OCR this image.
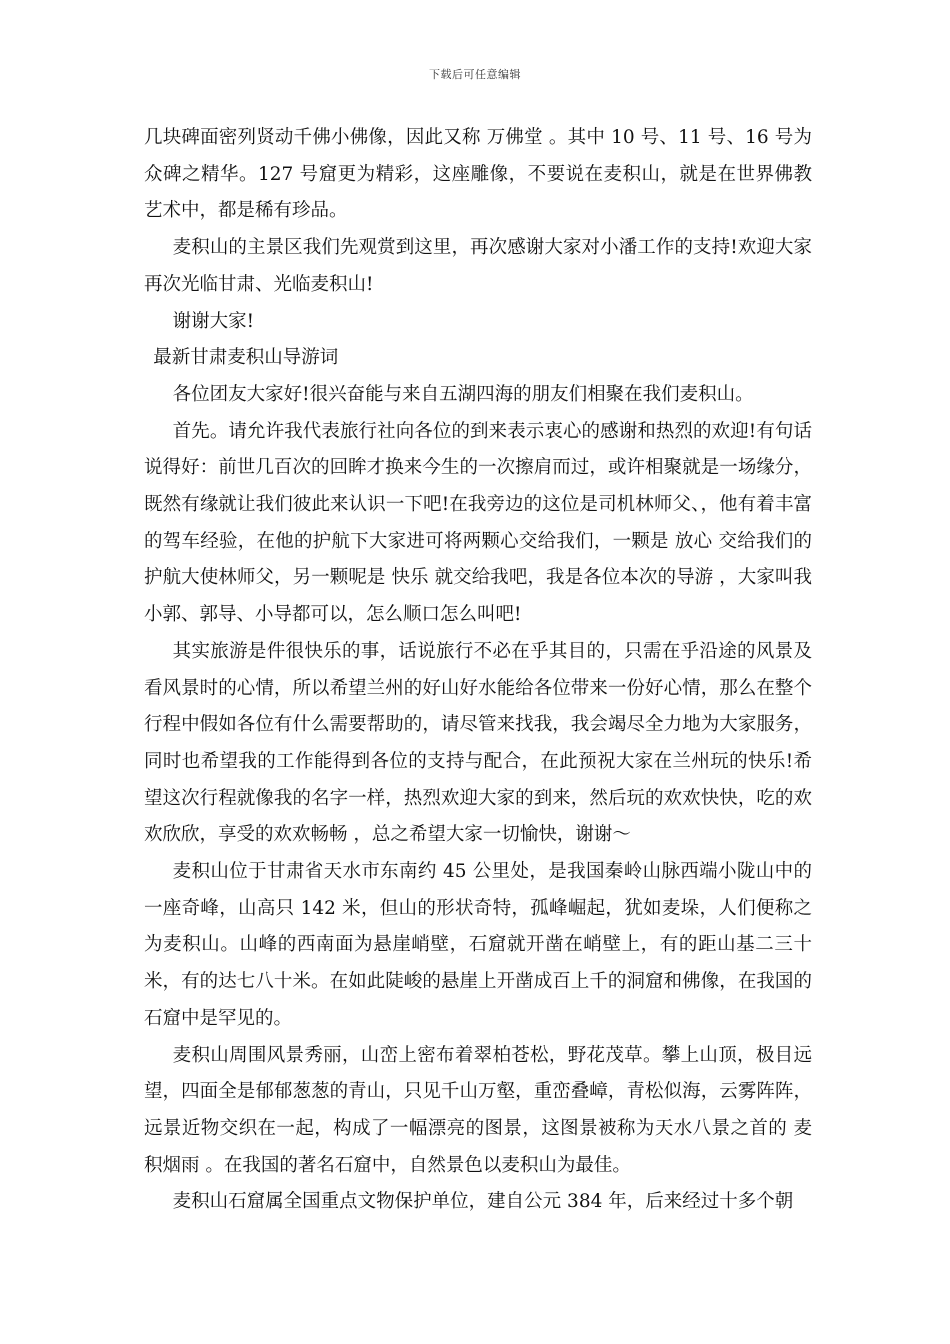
下载后可任意编辑

几块碑面密列贤动千佛小佛像，因此又称 万佛堂 。其中 10 号、11 号、16 号为众碑之精华。127 号窟更为精彩，这座雕像，不要说在麦积山，就是在世界佛教艺术中，都是稀有珍品。

麦积山的主景区我们先观赏到这里，再次感谢大家对小潘工作的支持!欢迎大家再次光临甘肃、光临麦积山!

谢谢大家!

最新甘肃麦积山导游词

各位团友大家好!很兴奋能与来自五湖四海的朋友们相聚在我们麦积山。

首先。请允许我代表旅行社向各位的到来表示衷心的感谢和热烈的欢迎!有句话说得好：前世几百次的回眸才换来今生的一次擦肩而过，或许相聚就是一场缘分，既然有缘就让我们彼此来认识一下吧!在我旁边的这位是司机林师父、，他有着丰富的驾车经验，在他的护航下大家进可将两颗心交给我们，一颗是 放心 交给我们的护航大使林师父，另一颗呢是 快乐 就交给我吧，我是各位本次的导游 ，大家叫我小郭、郭导、小导都可以，怎么顺口怎么叫吧!

其实旅游是件很快乐的事，话说旅行不必在乎其目的，只需在乎沿途的风景及看风景时的心情，所以希望兰州的好山好水能给各位带来一份好心情，那么在整个行程中假如各位有什么需要帮助的，请尽管来找我，我会竭尽全力地为大家服务，同时也希望我的工作能得到各位的支持与配合，在此预祝大家在兰州玩的快乐!希望这次行程就像我的名字一样，热烈欢迎大家的到来，然后玩的欢欢快快，吃的欢欢欣欣，享受的欢欢畅畅 ，总之希望大家一切愉快，谢谢～

麦积山位于甘肃省天水市东南约 45 公里处，是我国秦岭山脉西端小陇山中的一座奇峰，山高只 142 米，但山的形状奇特，孤峰崛起，犹如麦垛，人们便称之为麦积山。山峰的西南面为悬崖峭壁，石窟就开凿在峭壁上，有的距山基二三十米，有的达七八十米。在如此陡峻的悬崖上开凿成百上千的洞窟和佛像，在我国的石窟中是罕见的。

麦积山周围风景秀丽，山峦上密布着翠柏苍松，野花茂草。攀上山顶，极目远望，四面全是郁郁葱葱的青山，只见千山万壑，重峦叠嶂，青松似海，云雾阵阵，远景近物交织在一起，构成了一幅漂亮的图景，这图景被称为天水八景之首的 麦积烟雨 。在我国的著名石窟中，自然景色以麦积山为最佳。

麦积山石窟属全国重点文物保护单位，建自公元 384 年，后来经过十多个朝
